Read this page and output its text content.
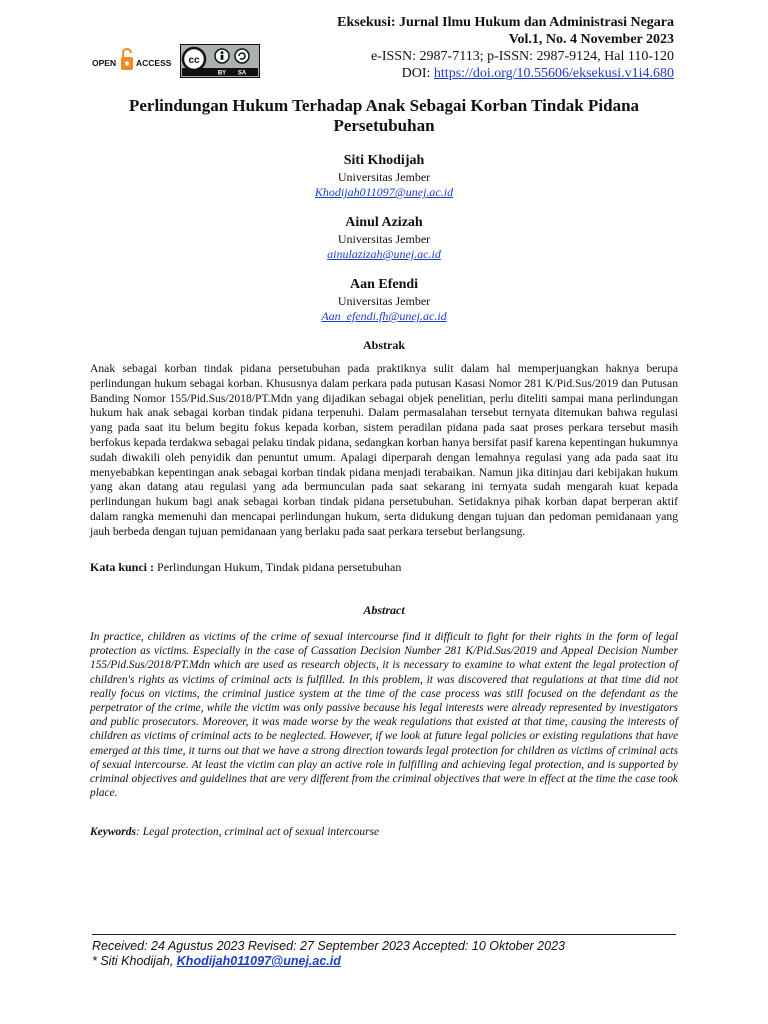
OPEN ACCESS cc
BY SA
Eksekusi: Jurnal Ilmu Hukum dan Administrasi Negara
Vol.1, No. 4 November 2023
e-ISSN: 2987-7113; p-ISSN: 2987-9124, Hal 110-120
DOI: https://doi.org/10.55606/eksekusi.v1i4.680
Perlindungan Hukum Terhadap Anak Sebagai Korban Tindak Pidana Persetubuhan
Siti Khodijah
Universitas Jember
Khodijah011097@unej.ac.id
Ainul Azizah
Universitas Jember
ainulazizah@unej.ac.id
Aan Efendi
Universitas Jember
Aan_efendi.fh@unej.ac.id
Abstrak
Anak sebagai korban tindak pidana persetubuhan pada praktiknya sulit dalam hal memperjuangkan haknya berupa perlindungan hukum sebagai korban. Khususnya dalam perkara pada putusan Kasasi Nomor 281 K/Pid.Sus/2019 dan Putusan Banding Nomor 155/Pid.Sus/2018/PT.Mdn yang dijadikan sebagai objek penelitian, perlu diteliti sampai mana perlindungan hukum hak anak sebagai korban tindak pidana terpenuhi. Dalam permasalahan tersebut ternyata ditemukan bahwa regulasi yang pada saat itu belum begitu fokus kepada korban, sistem peradilan pidana pada saat proses perkara tersebut masih berfokus kepada terdakwa sebagai pelaku tindak pidana, sedangkan korban hanya bersifat pasif karena kepentingan hukumnya sudah diwakili oleh penyidik dan penuntut umum. Apalagi diperparah dengan lemahnya regulasi yang ada pada saat itu menyebabkan kepentingan anak sebagai korban tindak pidana menjadi terabaikan. Namun jika ditinjau dari kebijakan hukum yang akan datang atau regulasi yang ada bermunculan pada saat sekarang ini ternyata sudah mengarah kuat kepada perlindungan hukum bagi anak sebagai korban tindak pidana persetubuhan. Setidaknya pihak korban dapat berperan aktif dalam rangka memenuhi dan mencapai perlindungan hukum, serta didukung dengan tujuan dan pedoman pemidanaan yang jauh berbeda dengan tujuan pemidanaan yang berlaku pada saat perkara tersebut berlangsung.
Kata kunci : Perlindungan Hukum, Tindak pidana persetubuhan
Abstract
In practice, children as victims of the crime of sexual intercourse find it difficult to fight for their rights in the form of legal protection as victims. Especially in the case of Cassation Decision Number 281 K/Pid.Sus/2019 and Appeal Decision Number 155/Pid.Sus/2018/PT.Mdn which are used as research objects, it is necessary to examine to what extent the legal protection of children's rights as victims of criminal acts is fulfilled. In this problem, it was discovered that regulations at that time did not really focus on victims, the criminal justice system at the time of the case process was still focused on the defendant as the perpetrator of the crime, while the victim was only passive because his legal interests were already represented by investigators and public prosecutors. Moreover, it was made worse by the weak regulations that existed at that time, causing the interests of children as victims of criminal acts to be neglected. However, if we look at future legal policies or existing regulations that have emerged at this time, it turns out that we have a strong direction towards legal protection for children as victims of criminal acts of sexual intercourse. At least the victim can play an active role in fulfilling and achieving legal protection, and is supported by criminal objectives and guidelines that are very different from the criminal objectives that were in effect at the time the case took place.
Keywords: Legal protection, criminal act of sexual intercourse
Received: 24 Agustus 2023 Revised: 27 September 2023 Accepted: 10 Oktober 2023
* Siti Khodijah, Khodijah011097@unej.ac.id
